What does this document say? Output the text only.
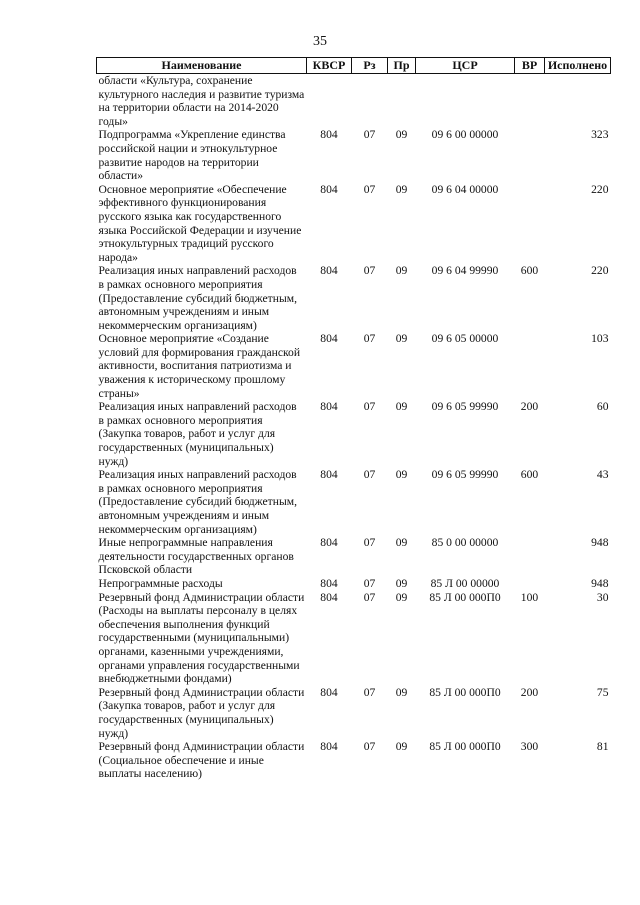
35
Наименование	КВСР	Рз	Пр	ЦСР	ВР	Исполнено
области «Культура, сохранение культурного наследия и развитие туризма на территории области на 2014-2020 годы»						
Подпрограмма «Укрепление единства российской нации и этнокультурное развитие народов на территории области»	804	07	09	09 6 00 00000		323
Основное мероприятие «Обеспечение эффективного функционирования русского языка как государственного языка Российской Федерации и изучение этнокультурных традиций русского народа»	804	07	09	09 6 04 00000		220
Реализация иных направлений расходов в рамках основного мероприятия (Предоставление субсидий бюджетным, автономным учреждениям и иным некоммерческим организациям)	804	07	09	09 6 04 99990	600	220
Основное мероприятие «Создание условий для формирования гражданской активности, воспитания патриотизма и уважения к историческому прошлому страны»	804	07	09	09 6 05 00000		103
Реализация иных направлений расходов в рамках основного мероприятия (Закупка товаров, работ и услуг для государственных (муниципальных) нужд)	804	07	09	09 6 05 99990	200	60
Реализация иных направлений расходов в рамках основного мероприятия (Предоставление субсидий бюджетным, автономным учреждениям и иным некоммерческим организациям)	804	07	09	09 6 05 99990	600	43
Иные непрограммные направления деятельности государственных органов Псковской области	804	07	09	85 0 00 00000		948
Непрограммные расходы	804	07	09	85 Л 00 00000		948
Резервный фонд Администрации области (Расходы на выплаты персоналу в целях обеспечения выполнения функций государственными (муниципальными) органами, казенными учреждениями, органами управления государственными внебюджетными фондами)	804	07	09	85 Л 00 000П0	100	30
Резервный фонд Администрации области (Закупка товаров, работ и услуг для государственных (муниципальных) нужд)	804	07	09	85 Л 00 000П0	200	75
Резервный фонд Администрации области (Социальное обеспечение и иные выплаты населению)	804	07	09	85 Л 00 000П0	300	81
